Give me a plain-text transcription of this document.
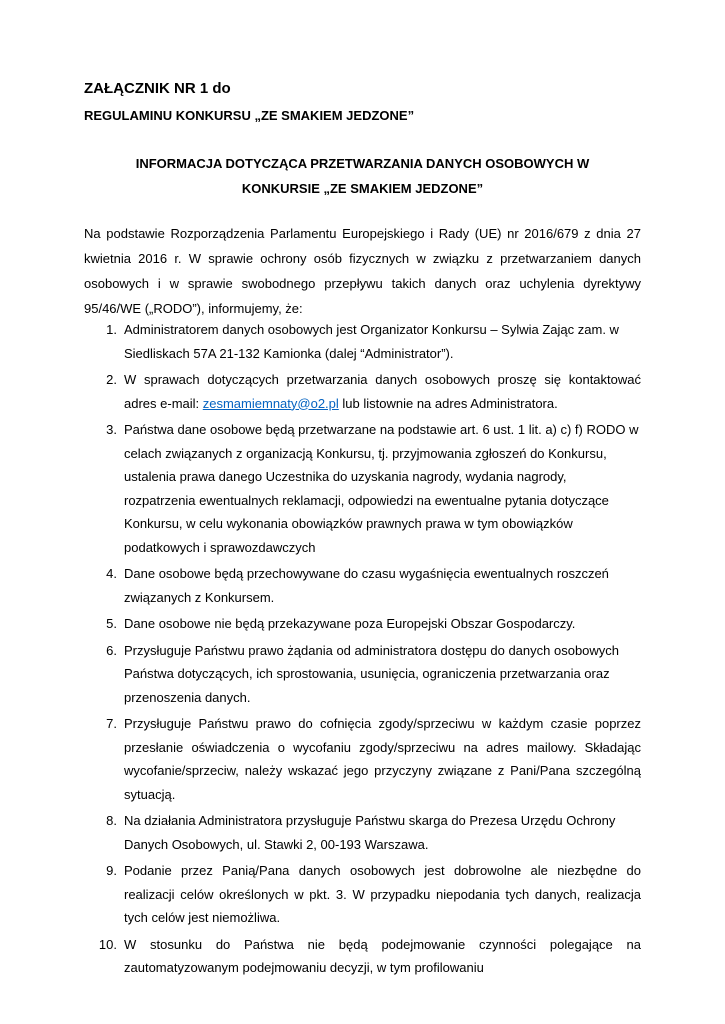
ZAŁĄCZNIK NR 1 do

REGULAMINU KONKURSU „ZE SMAKIEM JEDZONE”

INFORMACJA DOTYCZĄCA PRZETWARZANIA DANYCH OSOBOWYCH W
KONKURSIE „ZE SMAKIEM JEDZONE”

Na podstawie Rozporządzenia Parlamentu Europejskiego i Rady (UE) nr 2016/679 z dnia 27 kwietnia 2016 r. W sprawie ochrony osób fizycznych w związku z przetwarzaniem danych osobowych i w sprawie swobodnego przepływu takich danych oraz uchylenia dyrektywy 95/46/WE („RODO”), informujemy, że:

1. Administratorem danych osobowych jest Organizator Konkursu – Sylwia Zając zam. w Siedliskach 57A 21-132 Kamionka (dalej “Administrator”).
2. W sprawach dotyczących przetwarzania danych osobowych proszę się kontaktować adres e-mail: zesmamiemnaty@o2.pl lub listownie na adres Administratora.
3. Państwa dane osobowe będą przetwarzane na podstawie art. 6 ust. 1 lit. a) c) f) RODO w celach związanych z organizacją Konkursu, tj. przyjmowania zgłoszeń do Konkursu, ustalenia prawa danego Uczestnika do uzyskania nagrody, wydania nagrody, rozpatrzenia ewentualnych reklamacji, odpowiedzi na ewentualne pytania dotyczące Konkursu, w celu wykonania obowiązków prawnych prawa w tym obowiązków podatkowych i sprawozdawczych
4. Dane osobowe będą przechowywane do czasu wygaśnięcia ewentualnych roszczeń związanych z Konkursem.
5. Dane osobowe nie będą przekazywane poza Europejski Obszar Gospodarczy.
6. Przysługuje Państwu prawo żądania od administratora dostępu do danych osobowych Państwa dotyczących, ich sprostowania, usunięcia, ograniczenia przetwarzania oraz przenoszenia danych.
7. Przysługuje Państwu prawo do cofnięcia zgody/sprzeciwu w każdym czasie poprzez przesłanie oświadczenia o wycofaniu zgody/sprzeciwu na adres mailowy. Składając wycofanie/sprzeciw, należy wskazać jego przyczyny związane z Pani/Pana szczególną sytuacją.
8. Na działania Administratora przysługuje Państwu skarga do Prezesa Urzędu Ochrony Danych Osobowych, ul. Stawki 2, 00-193 Warszawa.
9. Podanie przez Panią/Pana danych osobowych jest dobrowolne ale niezbędne do realizacji celów określonych w pkt. 3. W przypadku niepodania tych danych, realizacja tych celów jest niemożliwa.
10. W stosunku do Państwa nie będą podejmowanie czynności polegające na zautomatyzowanym podejmowaniu decyzji, w tym profilowaniu
